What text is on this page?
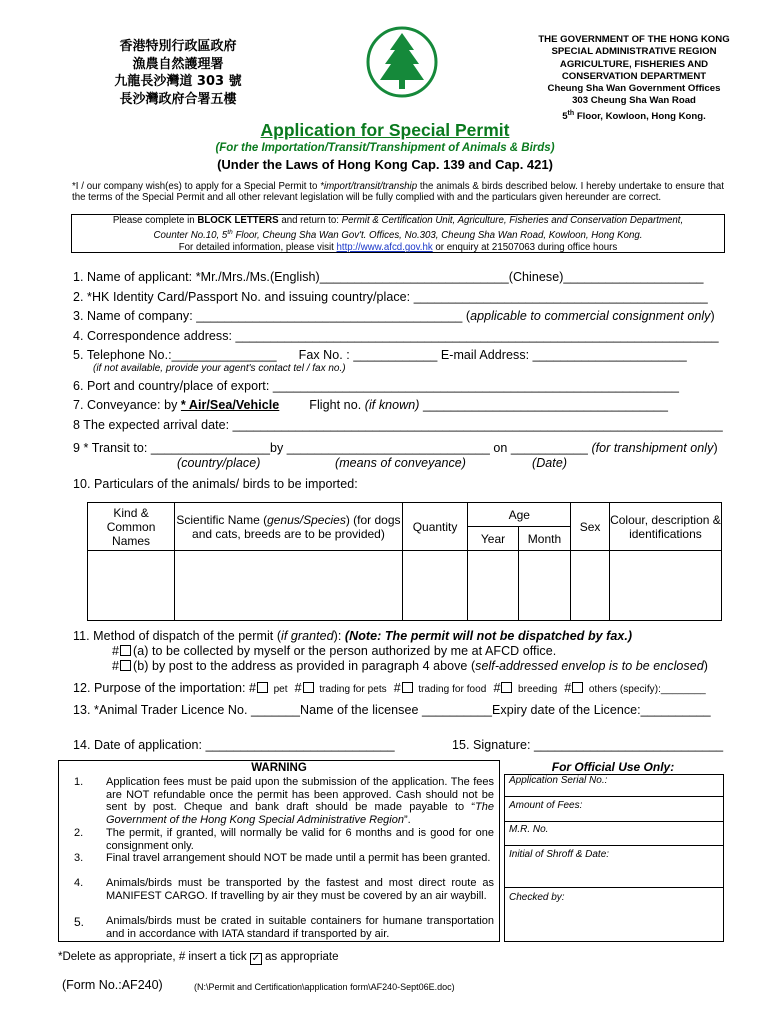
香港特別行政區政府
漁農自然護理署
九龍長沙灣道 303 號
長沙灣政府合署五樓
THE GOVERNMENT OF THE HONG KONG
SPECIAL ADMINISTRATIVE REGION
AGRICULTURE, FISHERIES AND
CONSERVATION DEPARTMENT
Cheung Sha Wan Government Offices
303 Cheung Sha Wan Road
5th Floor, Kowloon, Hong Kong.
Application for Special Permit
(For the Importation/Transit/Transhipment of Animals & Birds)
(Under the Laws of Hong Kong Cap. 139 and Cap. 421)
*I / our company wish(es) to apply for a Special Permit to *import/transit/tranship the animals & birds described below. I hereby undertake to ensure that the terms of the Special Permit and all other relevant legislation will be fully complied with and the particulars given hereunder are correct.
Please complete in BLOCK LETTERS and return to: Permit & Certification Unit, Agriculture, Fisheries and Conservation Department,
Counter No.10, 5th Floor, Cheung Sha Wan Gov't. Offices, No.303, Cheung Sha Wan Road, Kowloon, Hong Kong.
For detailed information, please visit http://www.afcd.gov.hk or enquiry at 21507063 during office hours
1. Name of applicant: *Mr./Mrs./Ms.(English)___________________________(Chinese)____________________
2. *HK Identity Card/Passport No. and issuing country/place: __________________________________________
3. Name of company: ______________________________________ (applicable to commercial consignment only)
4. Correspondence address: _____________________________________________________________________
5. Telephone No.:_______________ Fax No. : ____________ E-mail Address: ______________________
(if not available, provide your agent's contact tel / fax no.)
6. Port and country/place of export: __________________________________________________________
7. Conveyance: by * Air/Sea/Vehicle Flight no. (if known) ___________________________________
8 The expected arrival date: ______________________________________________________________________
9 * Transit to: _________________by _____________________________ on ___________ (for transhipment only)
(country/place)	(means of conveyance)	(Date)
10. Particulars of the animals/ birds to be imported:
Kind & Common Names	Scientific Name (genus/Species) (for dogs and cats, breeds are to be provided)	Quantity	Age		Sex	Colour, description & identifications
			Year	Month		

11. Method of dispatch of the permit (if granted): (Note: The permit will not be dispatched by fax.)
# (a) to be collected by myself or the person authorized by me at AFCD office.
# (b) by post to the address as provided in paragraph 4 above (self-addressed envelop is to be enclosed)
12. Purpose of the importation: # pet  # trading for pets  # trading for food  # breeding  # others (specify):________
13. *Animal Trader Licence No. _______Name of the licensee __________Expiry date of the Licence:__________
14. Date of application: ___________________________	15. Signature: ___________________________
WARNING
1. Application fees must be paid upon the submission of the application. The fees are NOT refundable once the permit has been approved. Cash should not be sent by post. Cheque and bank draft should be made payable to “The Government of the Hong Kong Special Administrative Region”.
2. The permit, if granted, will normally be valid for 6 months and is good for one consignment only.
3. Final travel arrangement should NOT be made until a permit has been granted.
4. Animals/birds must be transported by the fastest and most direct route as MANIFEST CARGO. If travelling by air they must be covered by an air waybill.
5. Animals/birds must be crated in suitable containers for humane transportation and in accordance with IATA standard if transported by air.
For Official Use Only:
Application Serial No.:
Amount of Fees:
M.R. No.
Initial of Shroff & Date:
Checked by:
*Delete as appropriate, # insert a tick ✓ as appropriate
(Form No.:AF240)	(N:\Permit and Certification\application form\AF240-Sept06E.doc)
